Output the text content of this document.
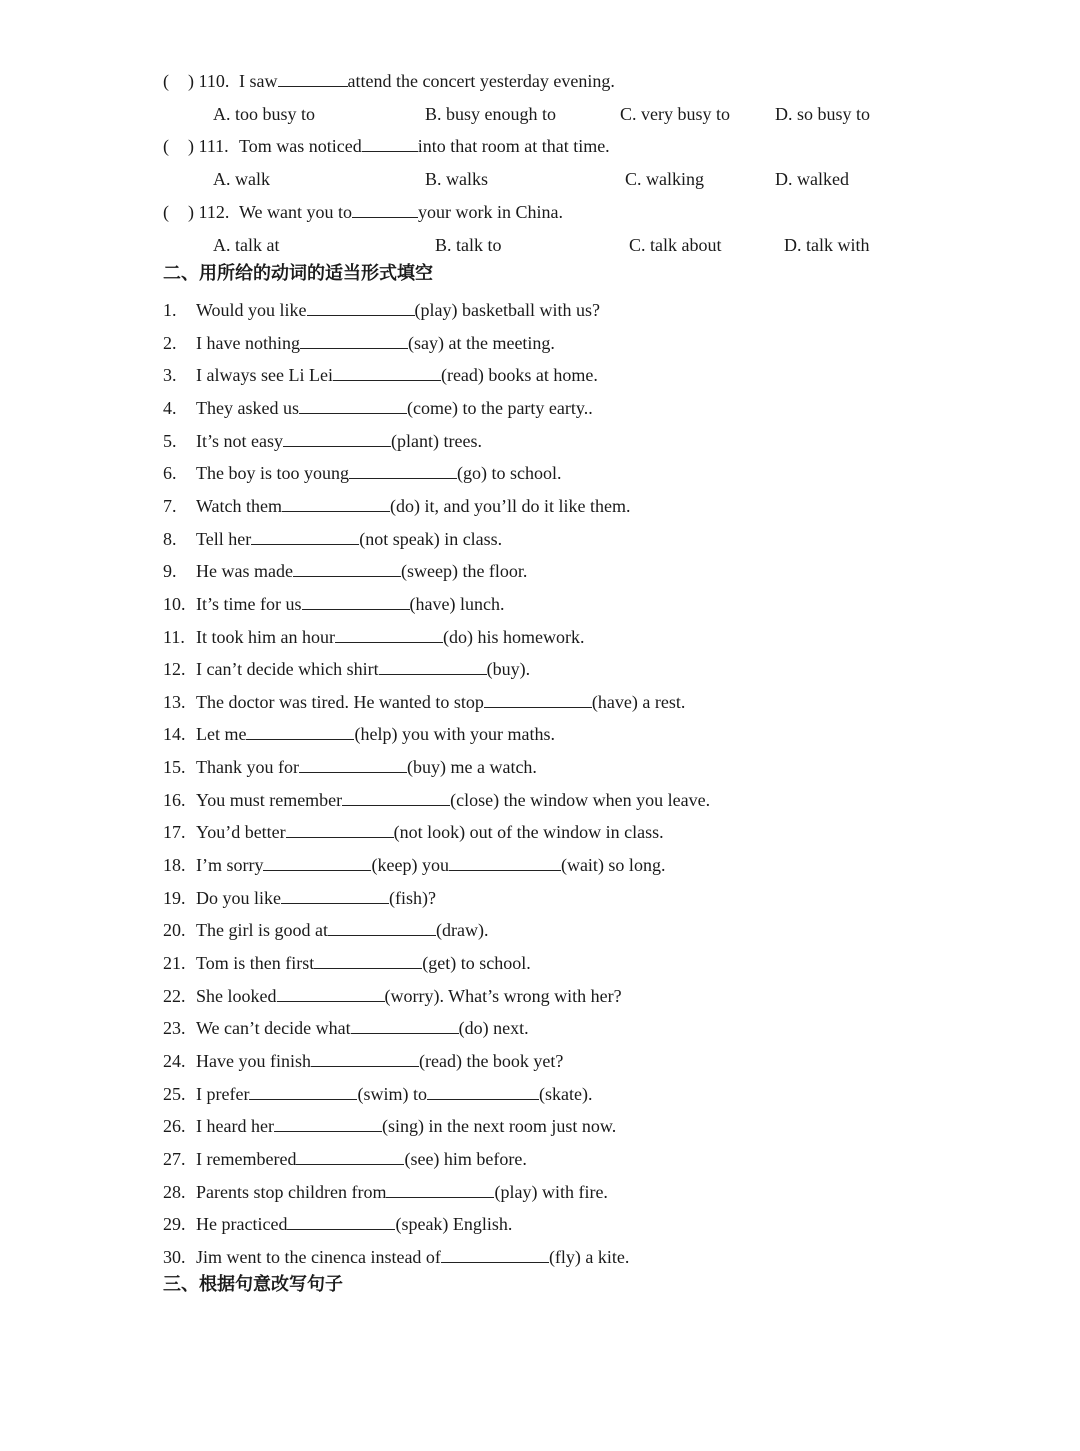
( ) 110. I saw	attend the concert yesterday evening.
A. too busy to	B. busy enough to	C. very busy to	D. so busy to
( ) 111. Tom was noticed	into that room at that time.
A. walk	B. walks	C. walking	D. walked
( ) 112. We want you to	your work in China.
A. talk at	B. talk to	C. talk about	D. talk with
二、用所给的动词的适当形式填空
1. Would you like	(play) basketball with us?
2. I have nothing	(say) at the meeting.
3. I always see Li Lei	(read) books at home.
4. They asked us	(come) to the party earty..
5. It’s not easy	(plant) trees.
6. The boy is too young	(go) to school.
7. Watch them	(do) it, and you’ll do it like them.
8. Tell her	(not speak) in class.
9. He was made	(sweep) the floor.
10. It’s time for us	(have) lunch.
11. It took him an hour	(do) his homework.
12. I can’t decide which shirt	(buy).
13. The doctor was tired. He wanted to stop	(have) a rest.
14. Let me	(help) you with your maths.
15. Thank you for	(buy) me a watch.
16. You must remember	(close) the window when you leave.
17. You’d better	(not look) out of the window in class.
18. I’m sorry	(keep) you	(wait) so long.
19. Do you like	(fish)?
20. The girl is good at	(draw).
21. Tom is then first	(get) to school.
22. She looked	(worry). What’s wrong with her?
23. We can’t decide what	(do) next.
24. Have you finish	(read) the book yet?
25. I prefer	(swim) to	(skate).
26. I heard her	(sing) in the next room just now.
27. I remembered	(see) him before.
28. Parents stop children from	(play) with fire.
29. He practiced	(speak) English.
30. Jim went to the cinenca instead of	(fly) a kite.
三、根据句意改写句子
